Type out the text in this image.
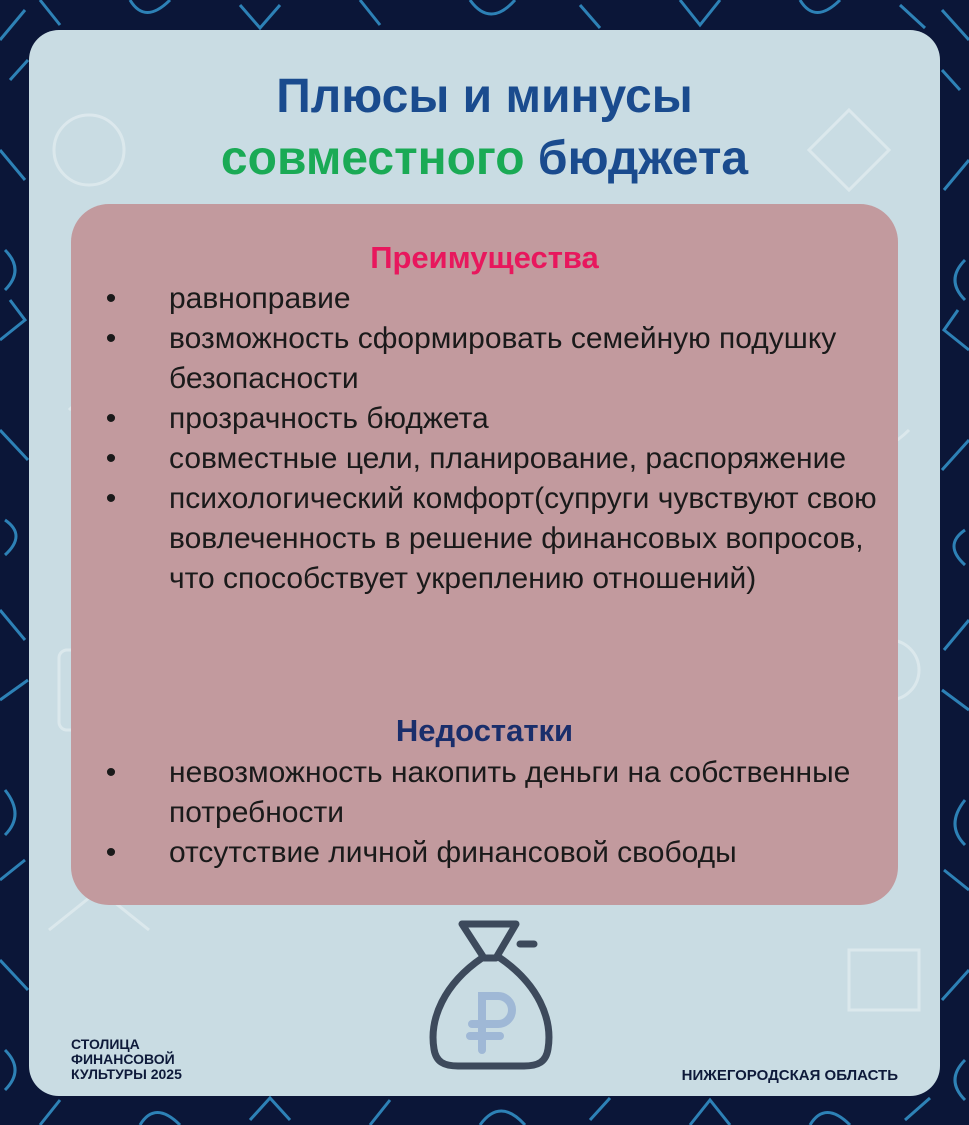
Плюсы и минусы
совместного бюджета
Преимущества
•	равноправие
•	возможность сформировать семейную подушку безопасности
•	прозрачность бюджета
•	совместные цели, планирование, распоряжение
•	психологический комфорт(супруги чувствуют свою вовлеченность в решение финансовых вопросов, что способствует укреплению отношений)
Недостатки
•	невозможность накопить деньги на собственные потребности
•	отсутствие личной финансовой свободы
СТОЛИЦА
ФИНАНСОВОЙ
КУЛЬТУРЫ 2025	НИЖЕГОРОДСКАЯ ОБЛАСТЬ
